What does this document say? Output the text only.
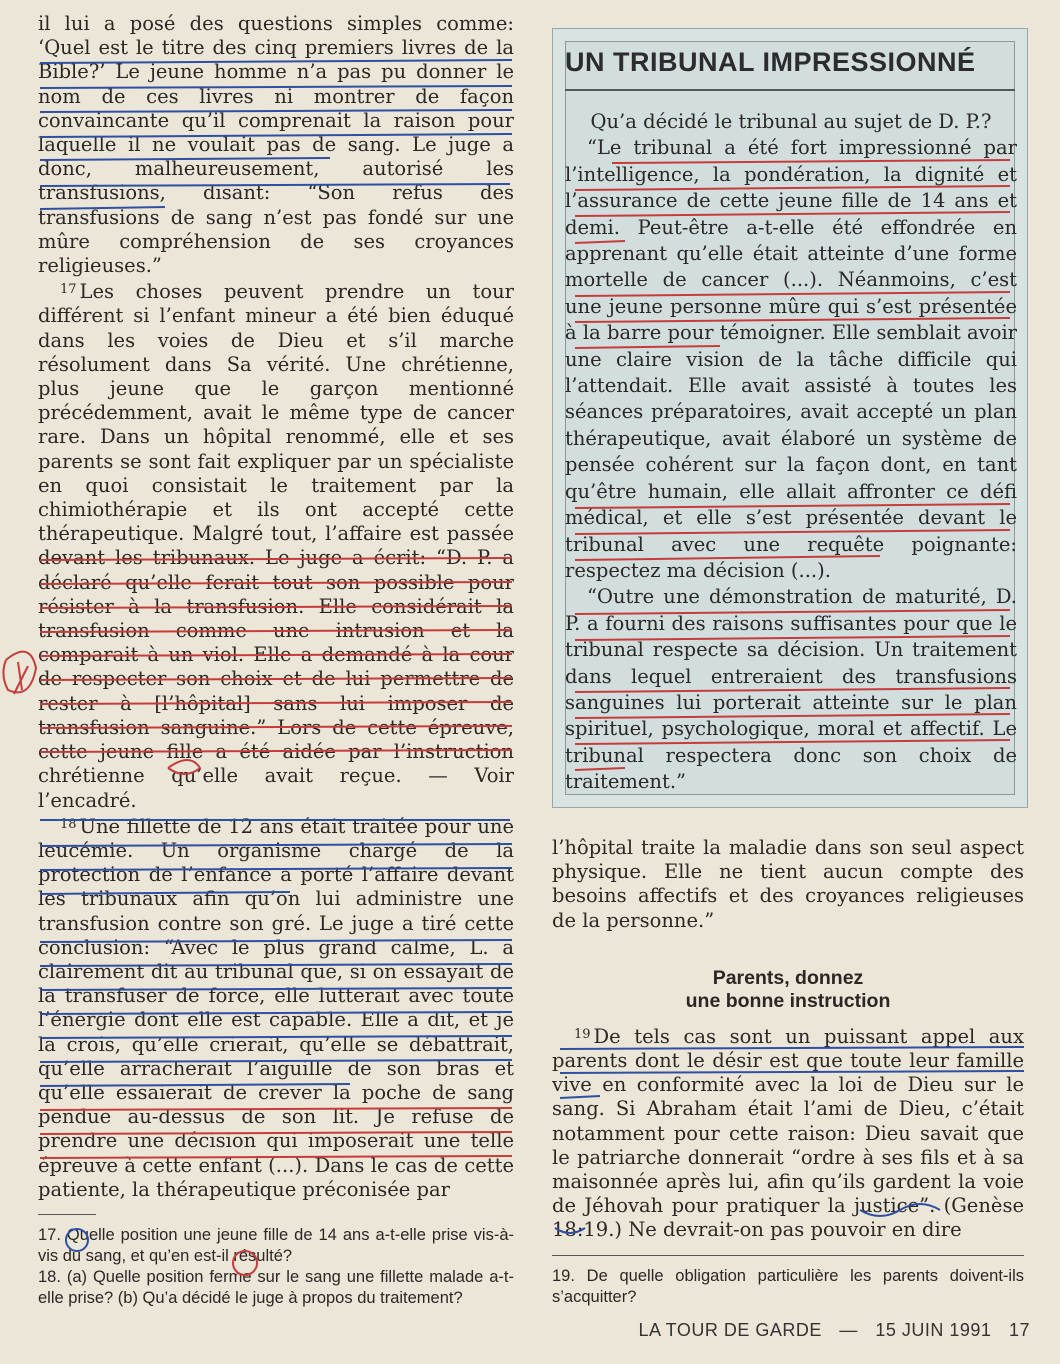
il lui a posé des questions simples comme: ‘Quel est le titre des cinq premiers livres de la Bible?’ Le jeune homme n’a pas pu donner le nom de ces livres ni montrer de façon convaincante qu’il comprenait la raison pour laquelle il ne voulait pas de sang. Le juge a donc, malheureusement, autorisé les transfusions, disant: “Son refus des transfusions de sang n’est pas fondé sur une mûre compréhension de ses croyances religieuses.”

$^{17}$ Les choses peuvent prendre un tour différent si l’enfant mineur a été bien éduqué dans les voies de Dieu et s’il marche résolument dans Sa vérité. Une chrétienne, plus jeune que le garçon mentionné précédemment, avait le même type de cancer rare. Dans un hôpital renommé, elle et ses parents se sont fait expliquer par un spécialiste en quoi consistait le traitement par la chimiothérapie et ils ont accepté cette thérapeutique. Malgré tout, l’affaire est passée devant les tribunaux. Le juge a écrit: “D. P. a déclaré qu’elle ferait tout son possible pour résister à la transfusion. Elle considérait la transfusion comme une intrusion et la comparait à un viol. Elle a demandé à la cour de respecter son choix et de lui permettre de rester à [l’hôpital] sans lui imposer de transfusion sanguine.” Lors de cette épreuve, cette jeune fille a été aidée par l’instruction chrétienne qu’elle avait reçue. — Voir l’encadré.

$^{18}$ Une fillette de 12 ans était traitée pour une leucémie. Un organisme chargé de la protection de l’enfance a porté l’affaire devant les tribunaux afin qu’on lui administre une transfusion contre son gré. Le juge a tiré cette conclusion: “Avec le plus grand calme, L. a clairement dit au tribunal que, si on essayait de la transfuser de force, elle lutterait avec toute l’énergie dont elle est capable. Elle a dit, et je la crois, qu’elle crierait, qu’elle se débattrait, qu’elle arracherait l’aiguille de son bras et qu’elle essaierait de crever la poche de sang pendue au-dessus de son lit. Je refuse de prendre une décision qui imposerait une telle épreuve à cette enfant (...). Dans le cas de cette patiente, la thérapeutique préconisée par

17. Quelle position une jeune fille de 14 ans a-t-elle prise vis-à-vis du sang, et qu’en est-il résulté?

18. (a) Quelle position ferme sur le sang une fillette malade a-t-elle prise? (b) Qu’a décidé le juge à propos du traitement?

UN TRIBUNAL IMPRESSIONNÉ

Qu’a décidé le tribunal au sujet de D. P.?

“Le tribunal a été fort impressionné par l’intelligence, la pondération, la dignité et l’assurance de cette jeune fille de 14 ans et demi. Peut-être a-t-elle été effondrée en apprenant qu’elle était atteinte d’une forme mortelle de cancer (...). Néanmoins, c’est une jeune personne mûre qui s’est présentée à la barre pour témoigner. Elle semblait avoir une claire vision de la tâche difficile qui l’attendait. Elle avait assisté à toutes les séances préparatoires, avait accepté un plan thérapeutique, avait élaboré un système de pensée cohérent sur la façon dont, en tant qu’être humain, elle allait affronter ce défi médical, et elle s’est présentée devant le tribunal avec une requête poignante: respectez ma décision (...).

“Outre une démonstration de maturité, D. P. a fourni des raisons suffisantes pour que le tribunal respecte sa décision. Un traitement dans lequel entreraient des transfusions sanguines lui porterait atteinte sur le plan spirituel, psychologique, moral et affectif. Le tribunal respectera donc son choix de traitement.”

l’hôpital traite la maladie dans son seul aspect physique. Elle ne tient aucun compte des besoins affectifs et des croyances religieuses de la personne.”

Parents, donnez
une bonne instruction

$^{19}$ De tels cas sont un puissant appel aux parents dont le désir est que toute leur famille vive en conformité avec la loi de Dieu sur le sang. Si Abraham était l’ami de Dieu, c’était notamment pour cette raison: Dieu savait que le patriarche donnerait “ordre à ses fils et à sa maisonnée après lui, afin qu’ils gardent la voie de Jéhovah pour pratiquer la justice”. (Genèse 18:19.) Ne devrait-on pas pouvoir en dire

19. De quelle obligation particulière les parents doivent-ils s’acquitter?

LA TOUR DE GARDE — 15 JUIN 1991 17
